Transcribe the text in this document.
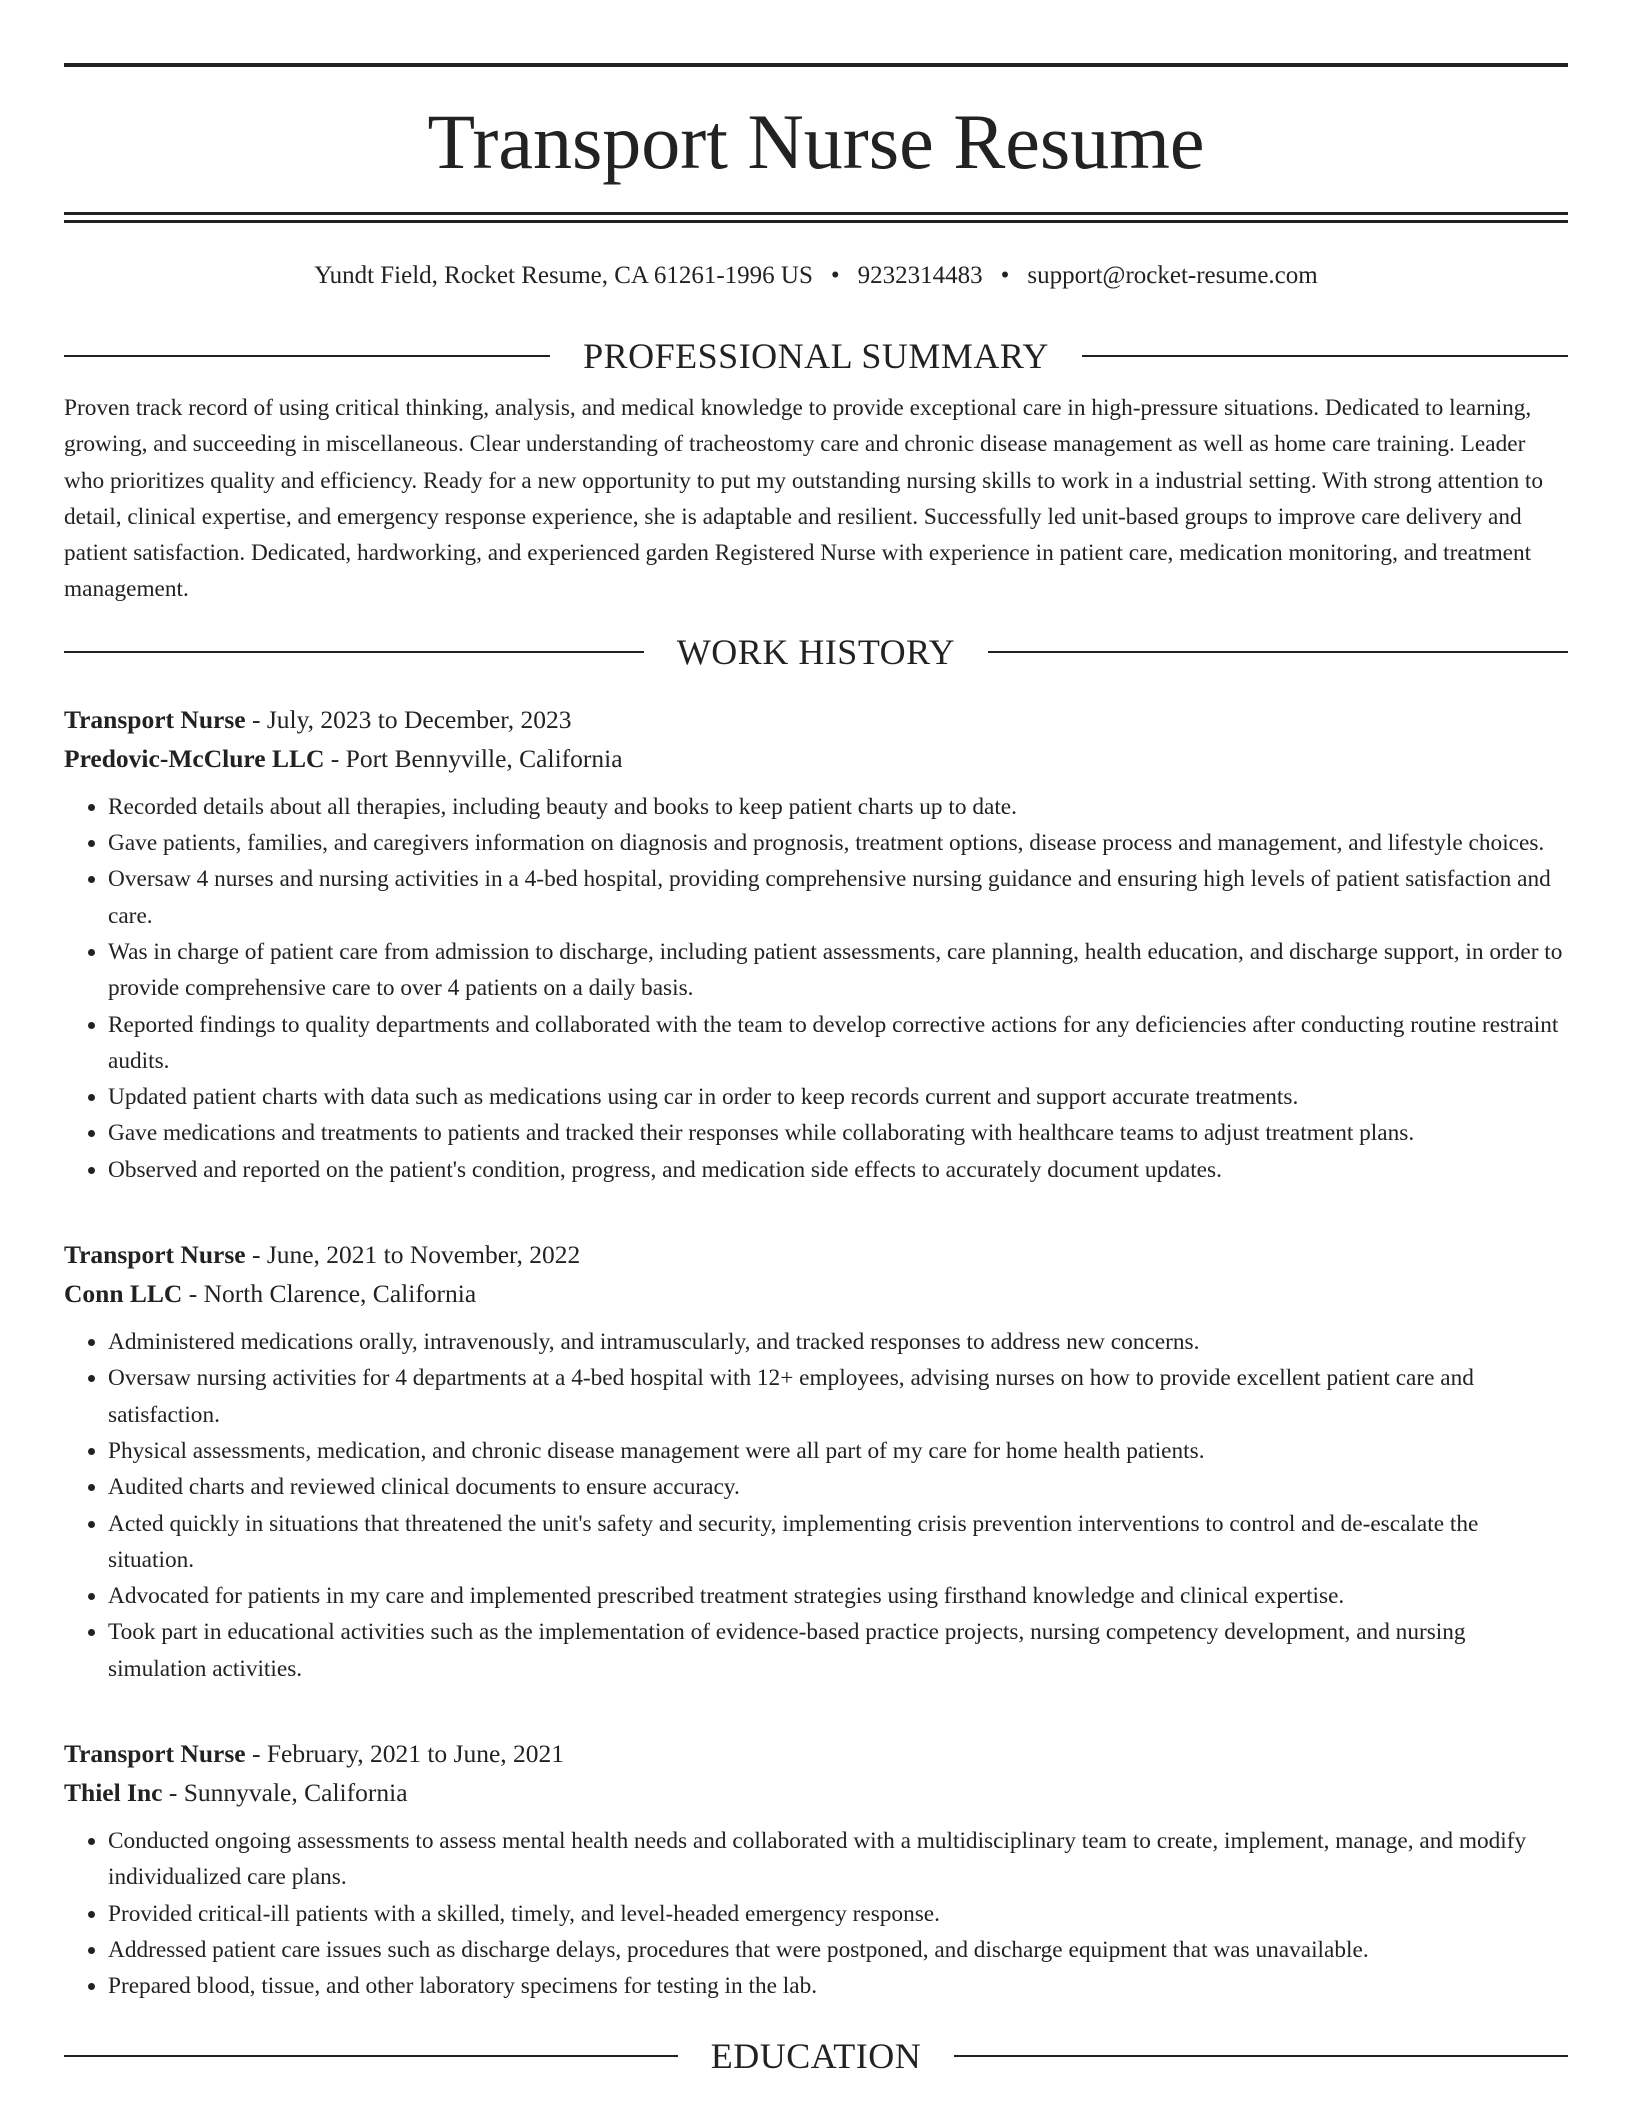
Transport Nurse Resume
Yundt Field, Rocket Resume, CA 61261-1996 US • 9232314483 • support@rocket-resume.com
PROFESSIONAL SUMMARY
Proven track record of using critical thinking, analysis, and medical knowledge to provide exceptional care in high-pressure situations. Dedicated to learning, growing, and succeeding in miscellaneous. Clear understanding of tracheostomy care and chronic disease management as well as home care training. Leader who prioritizes quality and efficiency. Ready for a new opportunity to put my outstanding nursing skills to work in a industrial setting. With strong attention to detail, clinical expertise, and emergency response experience, she is adaptable and resilient. Successfully led unit-based groups to improve care delivery and patient satisfaction. Dedicated, hardworking, and experienced garden Registered Nurse with experience in patient care, medication monitoring, and treatment management.
WORK HISTORY
Transport Nurse - July, 2023 to December, 2023
Predovic-McClure LLC - Port Bennyville, California
• Recorded details about all therapies, including beauty and books to keep patient charts up to date.
• Gave patients, families, and caregivers information on diagnosis and prognosis, treatment options, disease process and management, and lifestyle choices.
• Oversaw 4 nurses and nursing activities in a 4-bed hospital, providing comprehensive nursing guidance and ensuring high levels of patient satisfaction and care.
• Was in charge of patient care from admission to discharge, including patient assessments, care planning, health education, and discharge support, in order to provide comprehensive care to over 4 patients on a daily basis.
• Reported findings to quality departments and collaborated with the team to develop corrective actions for any deficiencies after conducting routine restraint audits.
• Updated patient charts with data such as medications using car in order to keep records current and support accurate treatments.
• Gave medications and treatments to patients and tracked their responses while collaborating with healthcare teams to adjust treatment plans.
• Observed and reported on the patient's condition, progress, and medication side effects to accurately document updates.
Transport Nurse - June, 2021 to November, 2022
Conn LLC - North Clarence, California
• Administered medications orally, intravenously, and intramuscularly, and tracked responses to address new concerns.
• Oversaw nursing activities for 4 departments at a 4-bed hospital with 12+ employees, advising nurses on how to provide excellent patient care and satisfaction.
• Physical assessments, medication, and chronic disease management were all part of my care for home health patients.
• Audited charts and reviewed clinical documents to ensure accuracy.
• Acted quickly in situations that threatened the unit's safety and security, implementing crisis prevention interventions to control and de-escalate the situation.
• Advocated for patients in my care and implemented prescribed treatment strategies using firsthand knowledge and clinical expertise.
• Took part in educational activities such as the implementation of evidence-based practice projects, nursing competency development, and nursing simulation activities.
Transport Nurse - February, 2021 to June, 2021
Thiel Inc - Sunnyvale, California
• Conducted ongoing assessments to assess mental health needs and collaborated with a multidisciplinary team to create, implement, manage, and modify individualized care plans.
• Provided critical-ill patients with a skilled, timely, and level-headed emergency response.
• Addressed patient care issues such as discharge delays, procedures that were postponed, and discharge equipment that was unavailable.
• Prepared blood, tissue, and other laboratory specimens for testing in the lab.
EDUCATION
